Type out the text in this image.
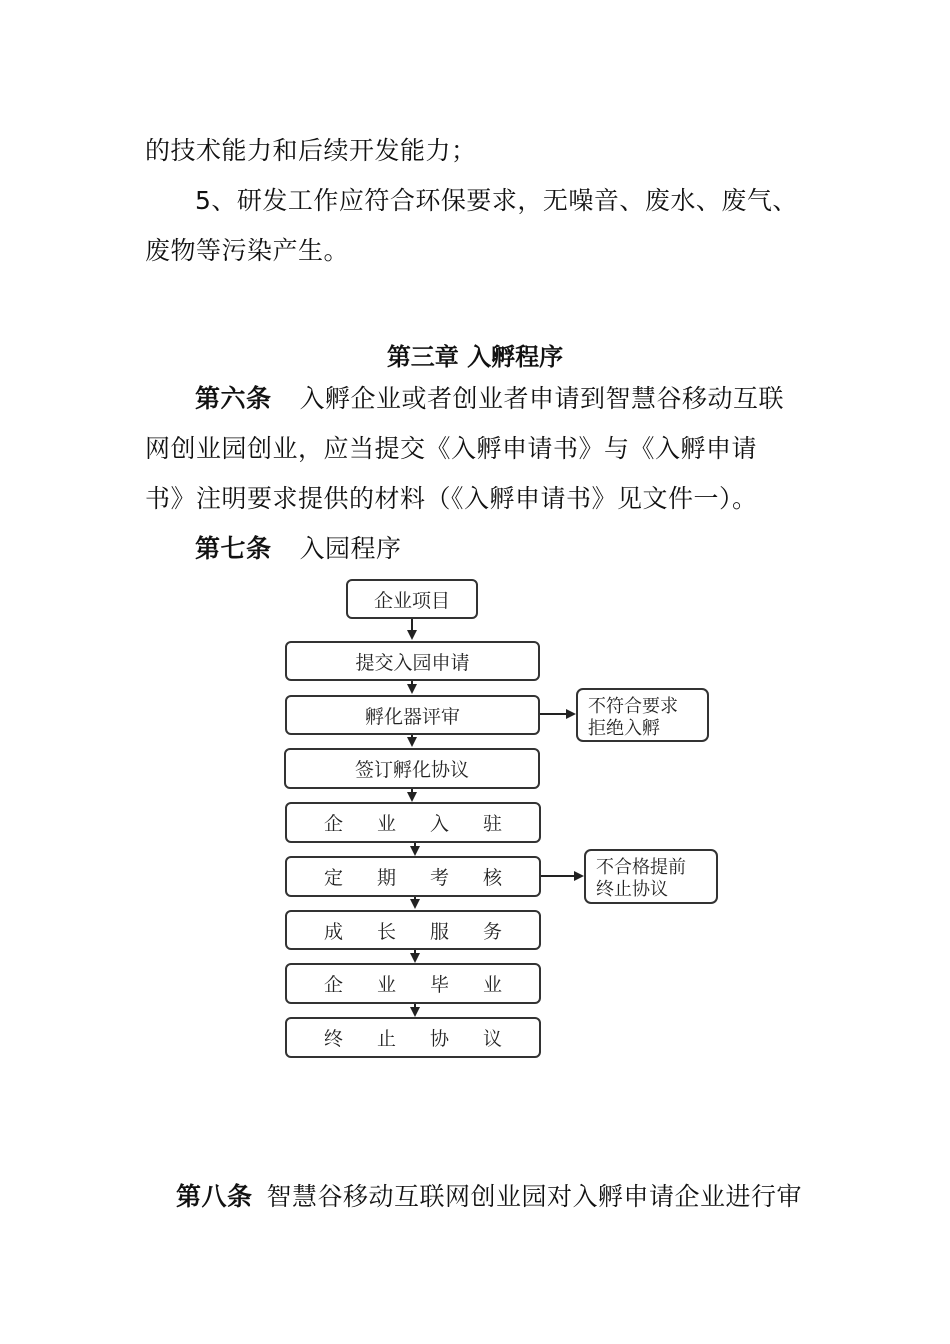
的技术能力和后续开发能力；
5、研发工作应符合环保要求，无噪音、废水、废气、
废物等污染产生。
第三章 入孵程序
第六条 入孵企业或者创业者申请到智慧谷移动互联
网创业园创业，应当提交《入孵申请书》与《入孵申请
书》注明要求提供的材料（《入孵申请书》见文件一）。
第七条 入园程序
企业项目
提交入园申请
孵化器评审
签订孵化协议
企 业 入 驻
定 期 考 核
成 长 服 务
企 业 毕 业
终 止 协 议
不符合要求
拒绝入孵
不合格提前
终止协议
第八条 智慧谷移动互联网创业园对入孵申请企业进行审
